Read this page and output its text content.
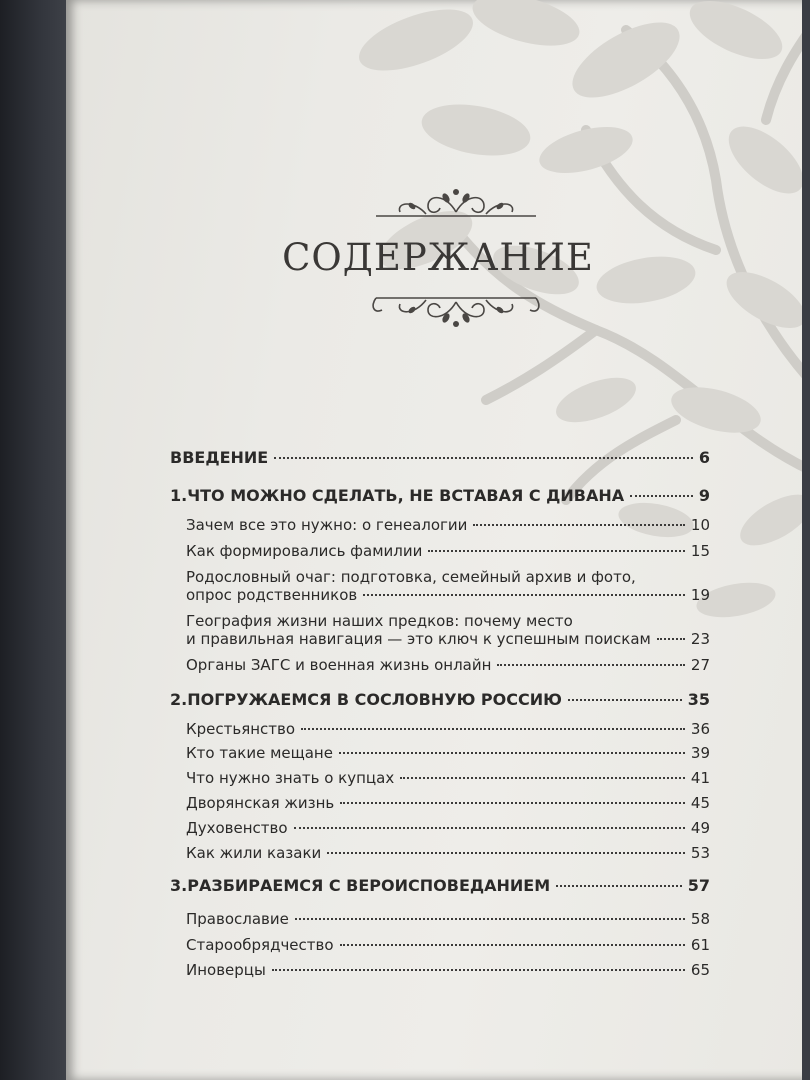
СОДЕРЖАНИЕ
ВВЕДЕНИЕ	6
1.ЧТО МОЖНО СДЕЛАТЬ, НЕ ВСТАВАЯ С ДИВАНА	9
Зачем все это нужно: о генеалогии	10
Как формировались фамилии	15
Родословный очаг: подготовка, семейный архив и фото,
опрос родственников	19
География жизни наших предков: почему место
и правильная навигация — это ключ к успешным поискам	23
Органы ЗАГС и военная жизнь онлайн	27
2.ПОГРУЖАЕМСЯ В СОСЛОВНУЮ РОССИЮ	35
Крестьянство	36
Кто такие мещане	39
Что нужно знать о купцах	41
Дворянская жизнь	45
Духовенство	49
Как жили казаки	53
3.РАЗБИРАЕМСЯ С ВЕРОИСПОВЕДАНИЕМ	57
Православие	58
Старообрядчество	61
Иноверцы	65
